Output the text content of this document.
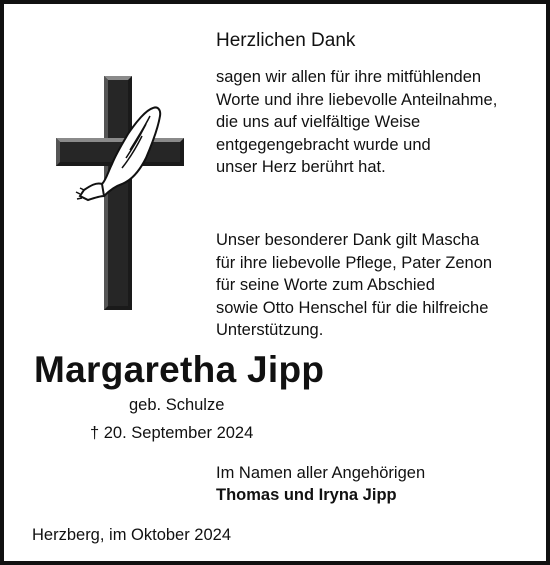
Herzlichen Dank
sagen wir allen für ihre mitfühlenden
Worte und ihre liebevolle Anteilnahme,
die uns auf vielfältige Weise
entgegengebracht wurde und
unser Herz berührt hat.
Unser besonderer Dank gilt Mascha
für ihre liebevolle Pflege, Pater Zenon
für seine Worte zum Abschied
sowie Otto Henschel für die hilfreiche
Unterstützung.
Margaretha Jipp
geb. Schulze
† 20. September 2024
Im Namen aller Angehörigen
Thomas und Iryna Jipp
Herzberg, im Oktober 2024
